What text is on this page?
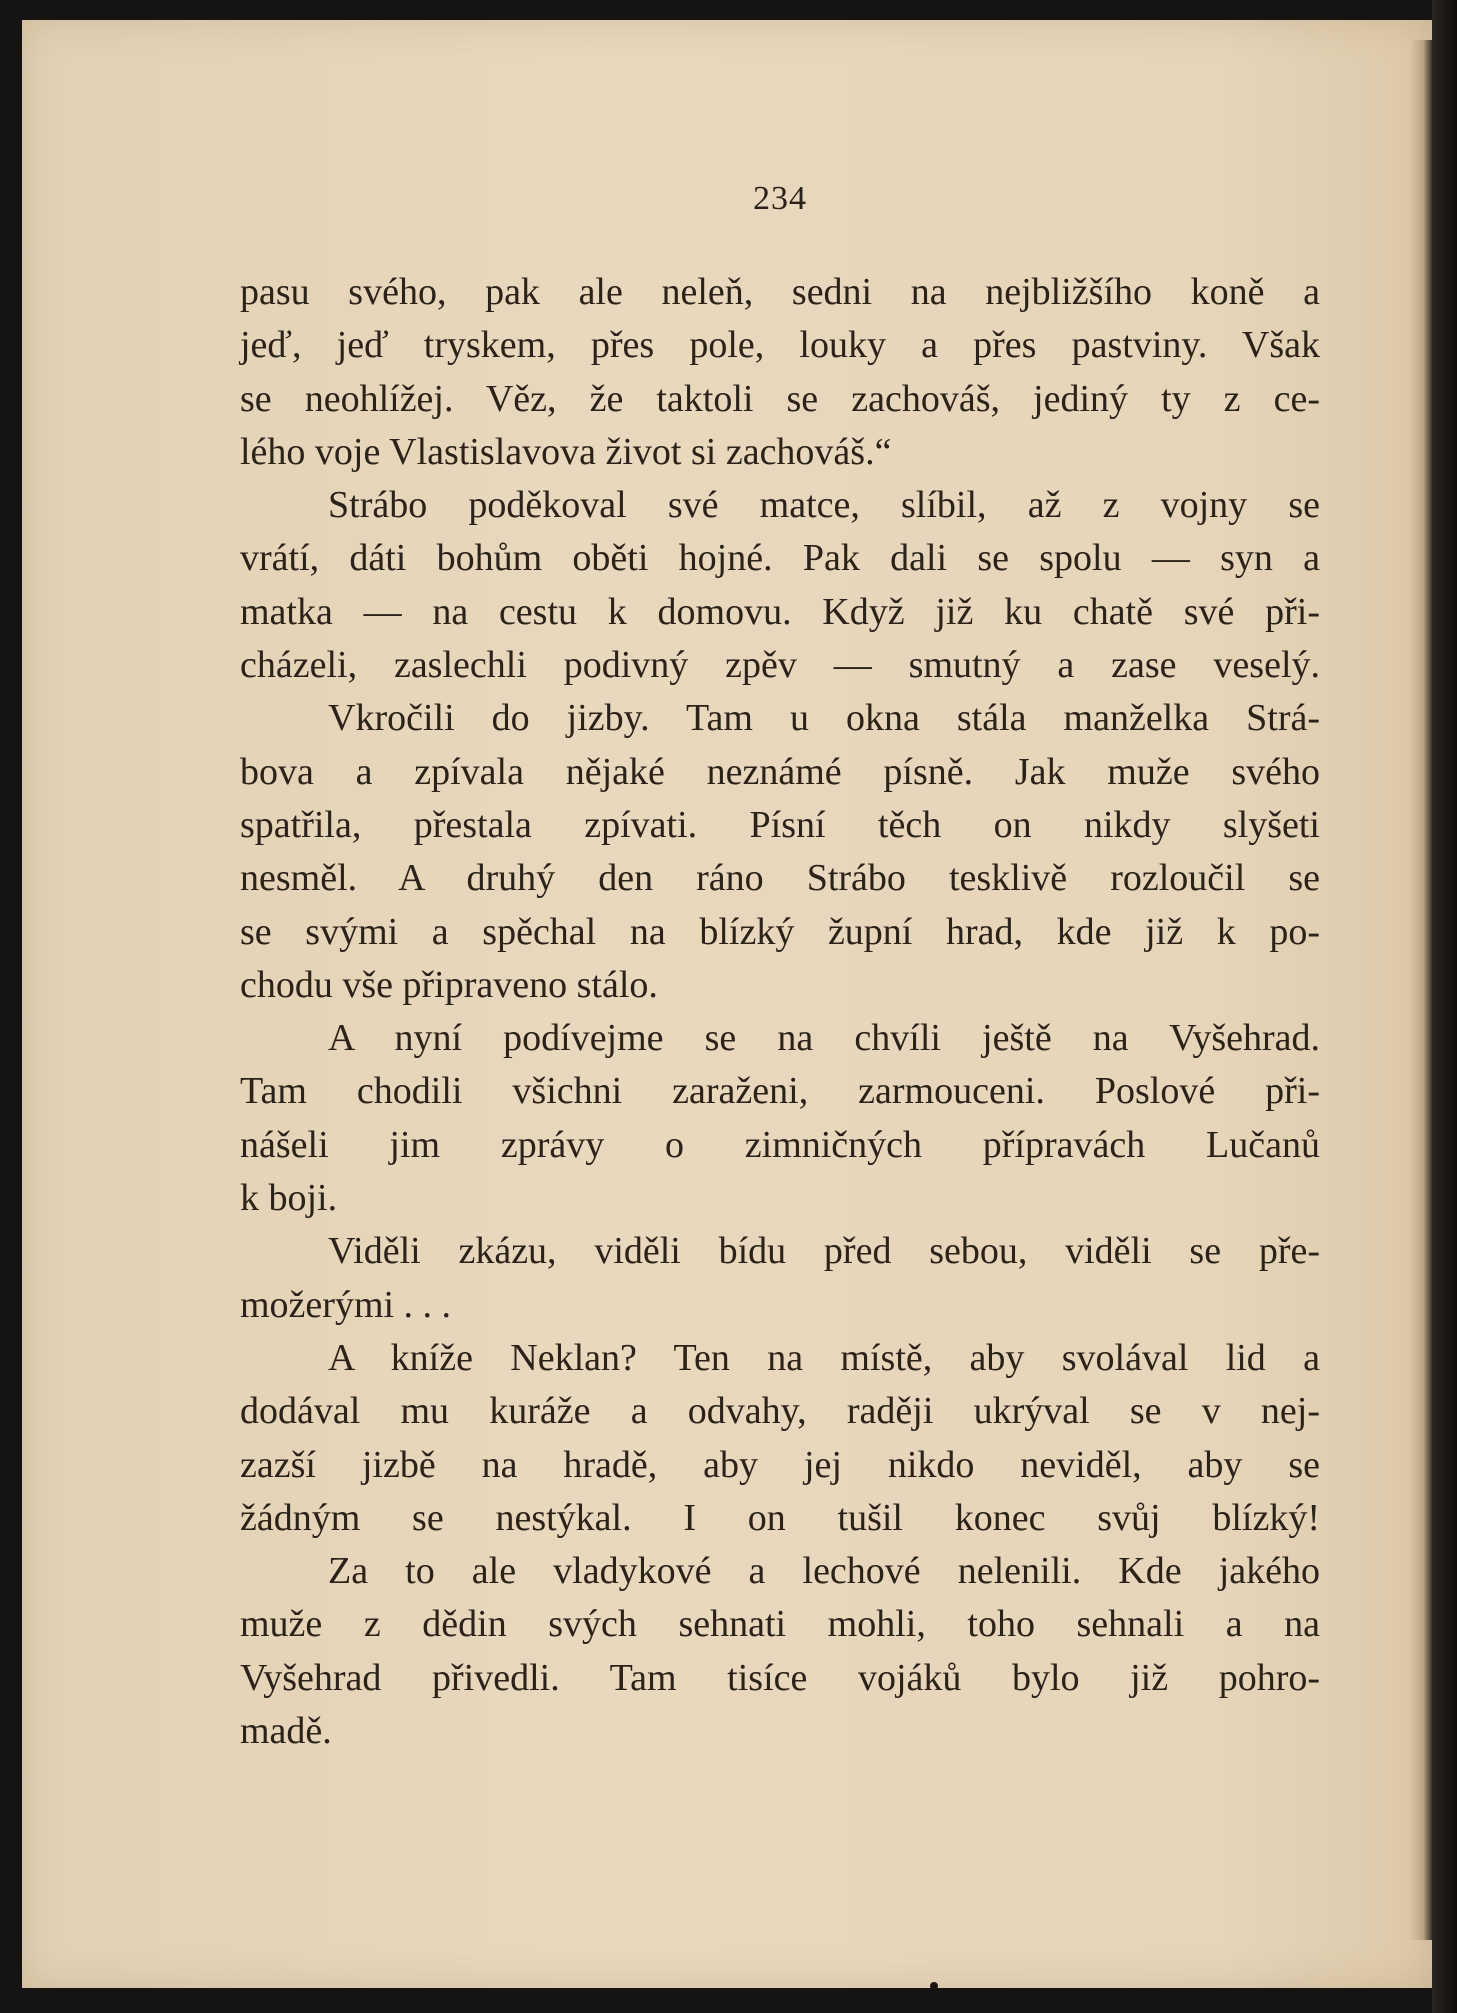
234
pasu svého, pak ale neleň, sedni na nejbližšího koně a
jeď, jeď tryskem, přes pole, louky a přes pastviny. Však
se neohlížej. Věz, že taktoli se zachováš, jediný ty z ce-
lého voje Vlastislavova život si zachováš.“
Strábo poděkoval své matce, slíbil, až z vojny se
vrátí, dáti bohům oběti hojné. Pak dali se spolu — syn a
matka — na cestu k domovu. Když již ku chatě své při-
cházeli, zaslechli podivný zpěv — smutný a zase veselý.
Vkročili do jizby. Tam u okna stála manželka Strá-
bova a zpívala nějaké neznámé písně. Jak muže svého
spatřila, přestala zpívati. Písní těch on nikdy slyšeti
nesměl. A druhý den ráno Strábo tesklivě rozloučil se
se svými a spěchal na blízký župní hrad, kde již k po-
chodu vše připraveno stálo.
A nyní podívejme se na chvíli ještě na Vyšehrad.
Tam chodili všichni zaraženi, zarmouceni. Poslové při-
nášeli jim zprávy o zimničných přípravách Lučanů
k boji.
Viděli zkázu, viděli bídu před sebou, viděli se pře-
možerými . . .
A kníže Neklan? Ten na místě, aby svolával lid a
dodával mu kuráže a odvahy, raději ukrýval se v nej-
zazší jizbě na hradě, aby jej nikdo neviděl, aby se
žádným se nestýkal. I on tušil konec svůj blízký!
Za to ale vladykové a lechové nelenili. Kde jakého
muže z dědin svých sehnati mohli, toho sehnali a na
Vyšehrad přivedli. Tam tisíce vojáků bylo již pohro-
madě.
